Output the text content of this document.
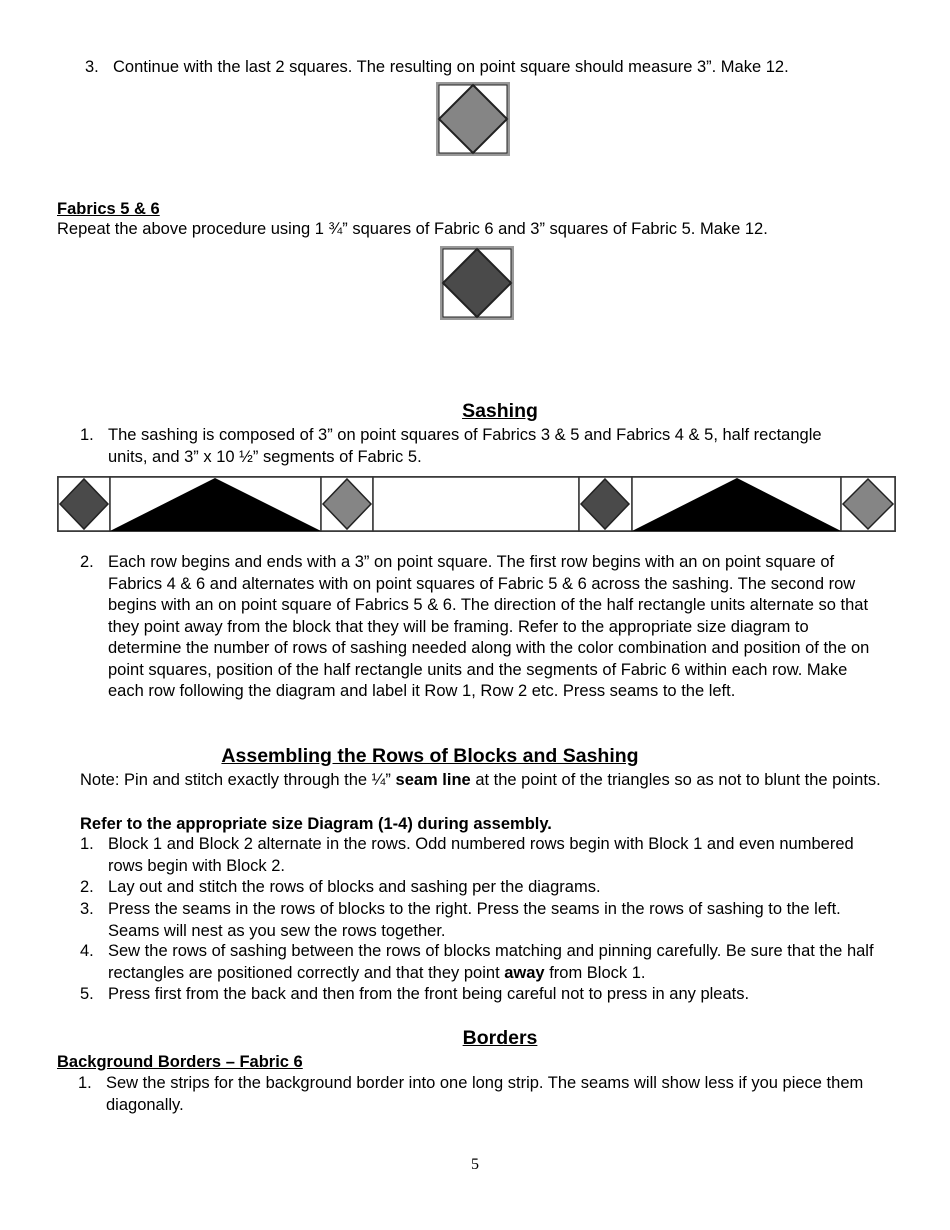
3. Continue with the last 2 squares. The resulting on point square should measure 3”. Make 12.
Fabrics 5 & 6
Repeat the above procedure using 1 ¾” squares of Fabric 6 and 3” squares of Fabric 5. Make 12.
Sashing
1. The sashing is composed of 3” on point squares of Fabrics 3 & 5 and Fabrics 4 & 5, half rectangle units, and 3” x 10 ½” segments of Fabric 5.
2. Each row begins and ends with a 3” on point square. The first row begins with an on point square of Fabrics 4 & 6 and alternates with on point squares of Fabric 5 & 6 across the sashing. The second row begins with an on point square of Fabrics 5 & 6. The direction of the half rectangle units alternate so that they point away from the block that they will be framing. Refer to the appropriate size diagram to determine the number of rows of sashing needed along with the color combination and position of the on point squares, position of the half rectangle units and the segments of Fabric 6 within each row. Make each row following the diagram and label it Row 1, Row 2 etc. Press seams to the left.
Assembling the Rows of Blocks and Sashing
Note: Pin and stitch exactly through the ¼” seam line at the point of the triangles so as not to blunt the points.
Refer to the appropriate size Diagram (1-4) during assembly.
1. Block 1 and Block 2 alternate in the rows. Odd numbered rows begin with Block 1 and even numbered rows begin with Block 2.
2. Lay out and stitch the rows of blocks and sashing per the diagrams.
3. Press the seams in the rows of blocks to the right. Press the seams in the rows of sashing to the left. Seams will nest as you sew the rows together.
4. Sew the rows of sashing between the rows of blocks matching and pinning carefully. Be sure that the half rectangles are positioned correctly and that they point away from Block 1.
5. Press first from the back and then from the front being careful not to press in any pleats.
Borders
Background Borders – Fabric 6
1. Sew the strips for the background border into one long strip. The seams will show less if you piece them diagonally.
5
